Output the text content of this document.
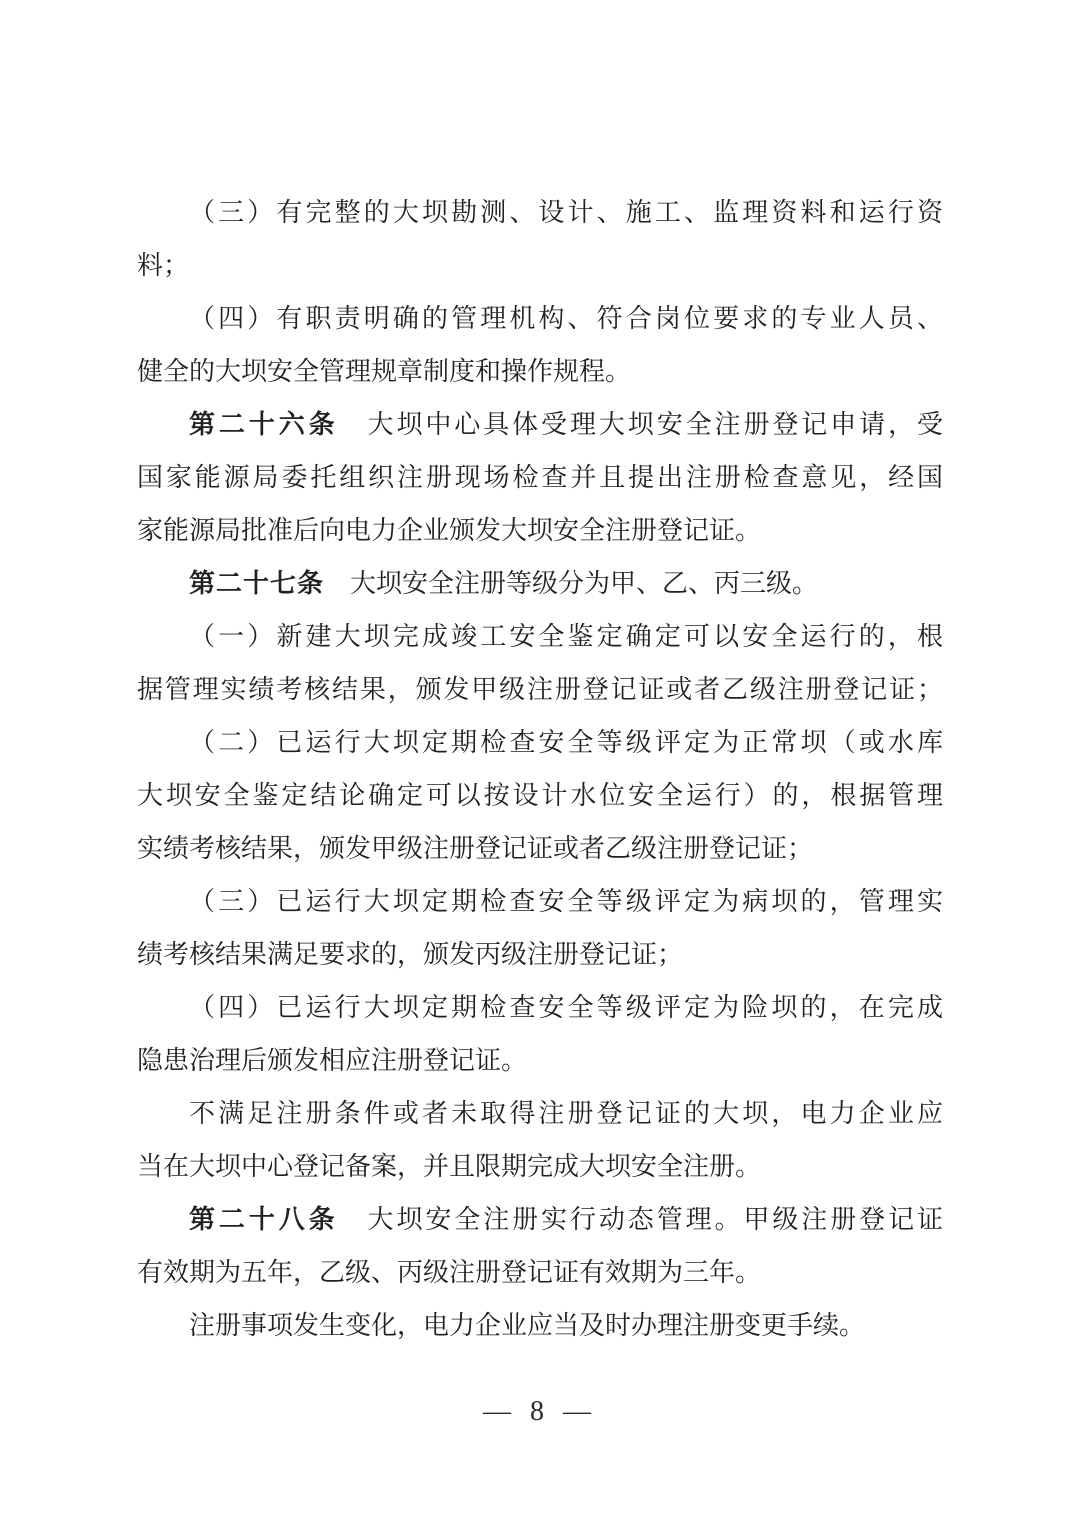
（三）有完整的大坝勘测、设计、施工、监理资料和运行资
料；
（四）有职责明确的管理机构、符合岗位要求的专业人员、
健全的大坝安全管理规章制度和操作规程。
第二十六条　大坝中心具体受理大坝安全注册登记申请，受
国家能源局委托组织注册现场检查并且提出注册检查意见，经国
家能源局批准后向电力企业颁发大坝安全注册登记证。
第二十七条　大坝安全注册等级分为甲、乙、丙三级。
（一）新建大坝完成竣工安全鉴定确定可以安全运行的，根
据管理实绩考核结果，颁发甲级注册登记证或者乙级注册登记证；
（二）已运行大坝定期检查安全等级评定为正常坝（或水库
大坝安全鉴定结论确定可以按设计水位安全运行）的，根据管理
实绩考核结果，颁发甲级注册登记证或者乙级注册登记证；
（三）已运行大坝定期检查安全等级评定为病坝的，管理实
绩考核结果满足要求的，颁发丙级注册登记证；
（四）已运行大坝定期检查安全等级评定为险坝的，在完成
隐患治理后颁发相应注册登记证。
不满足注册条件或者未取得注册登记证的大坝，电力企业应
当在大坝中心登记备案，并且限期完成大坝安全注册。
第二十八条　大坝安全注册实行动态管理。甲级注册登记证
有效期为五年，乙级、丙级注册登记证有效期为三年。
注册事项发生变化，电力企业应当及时办理注册变更手续。
— 8 —
